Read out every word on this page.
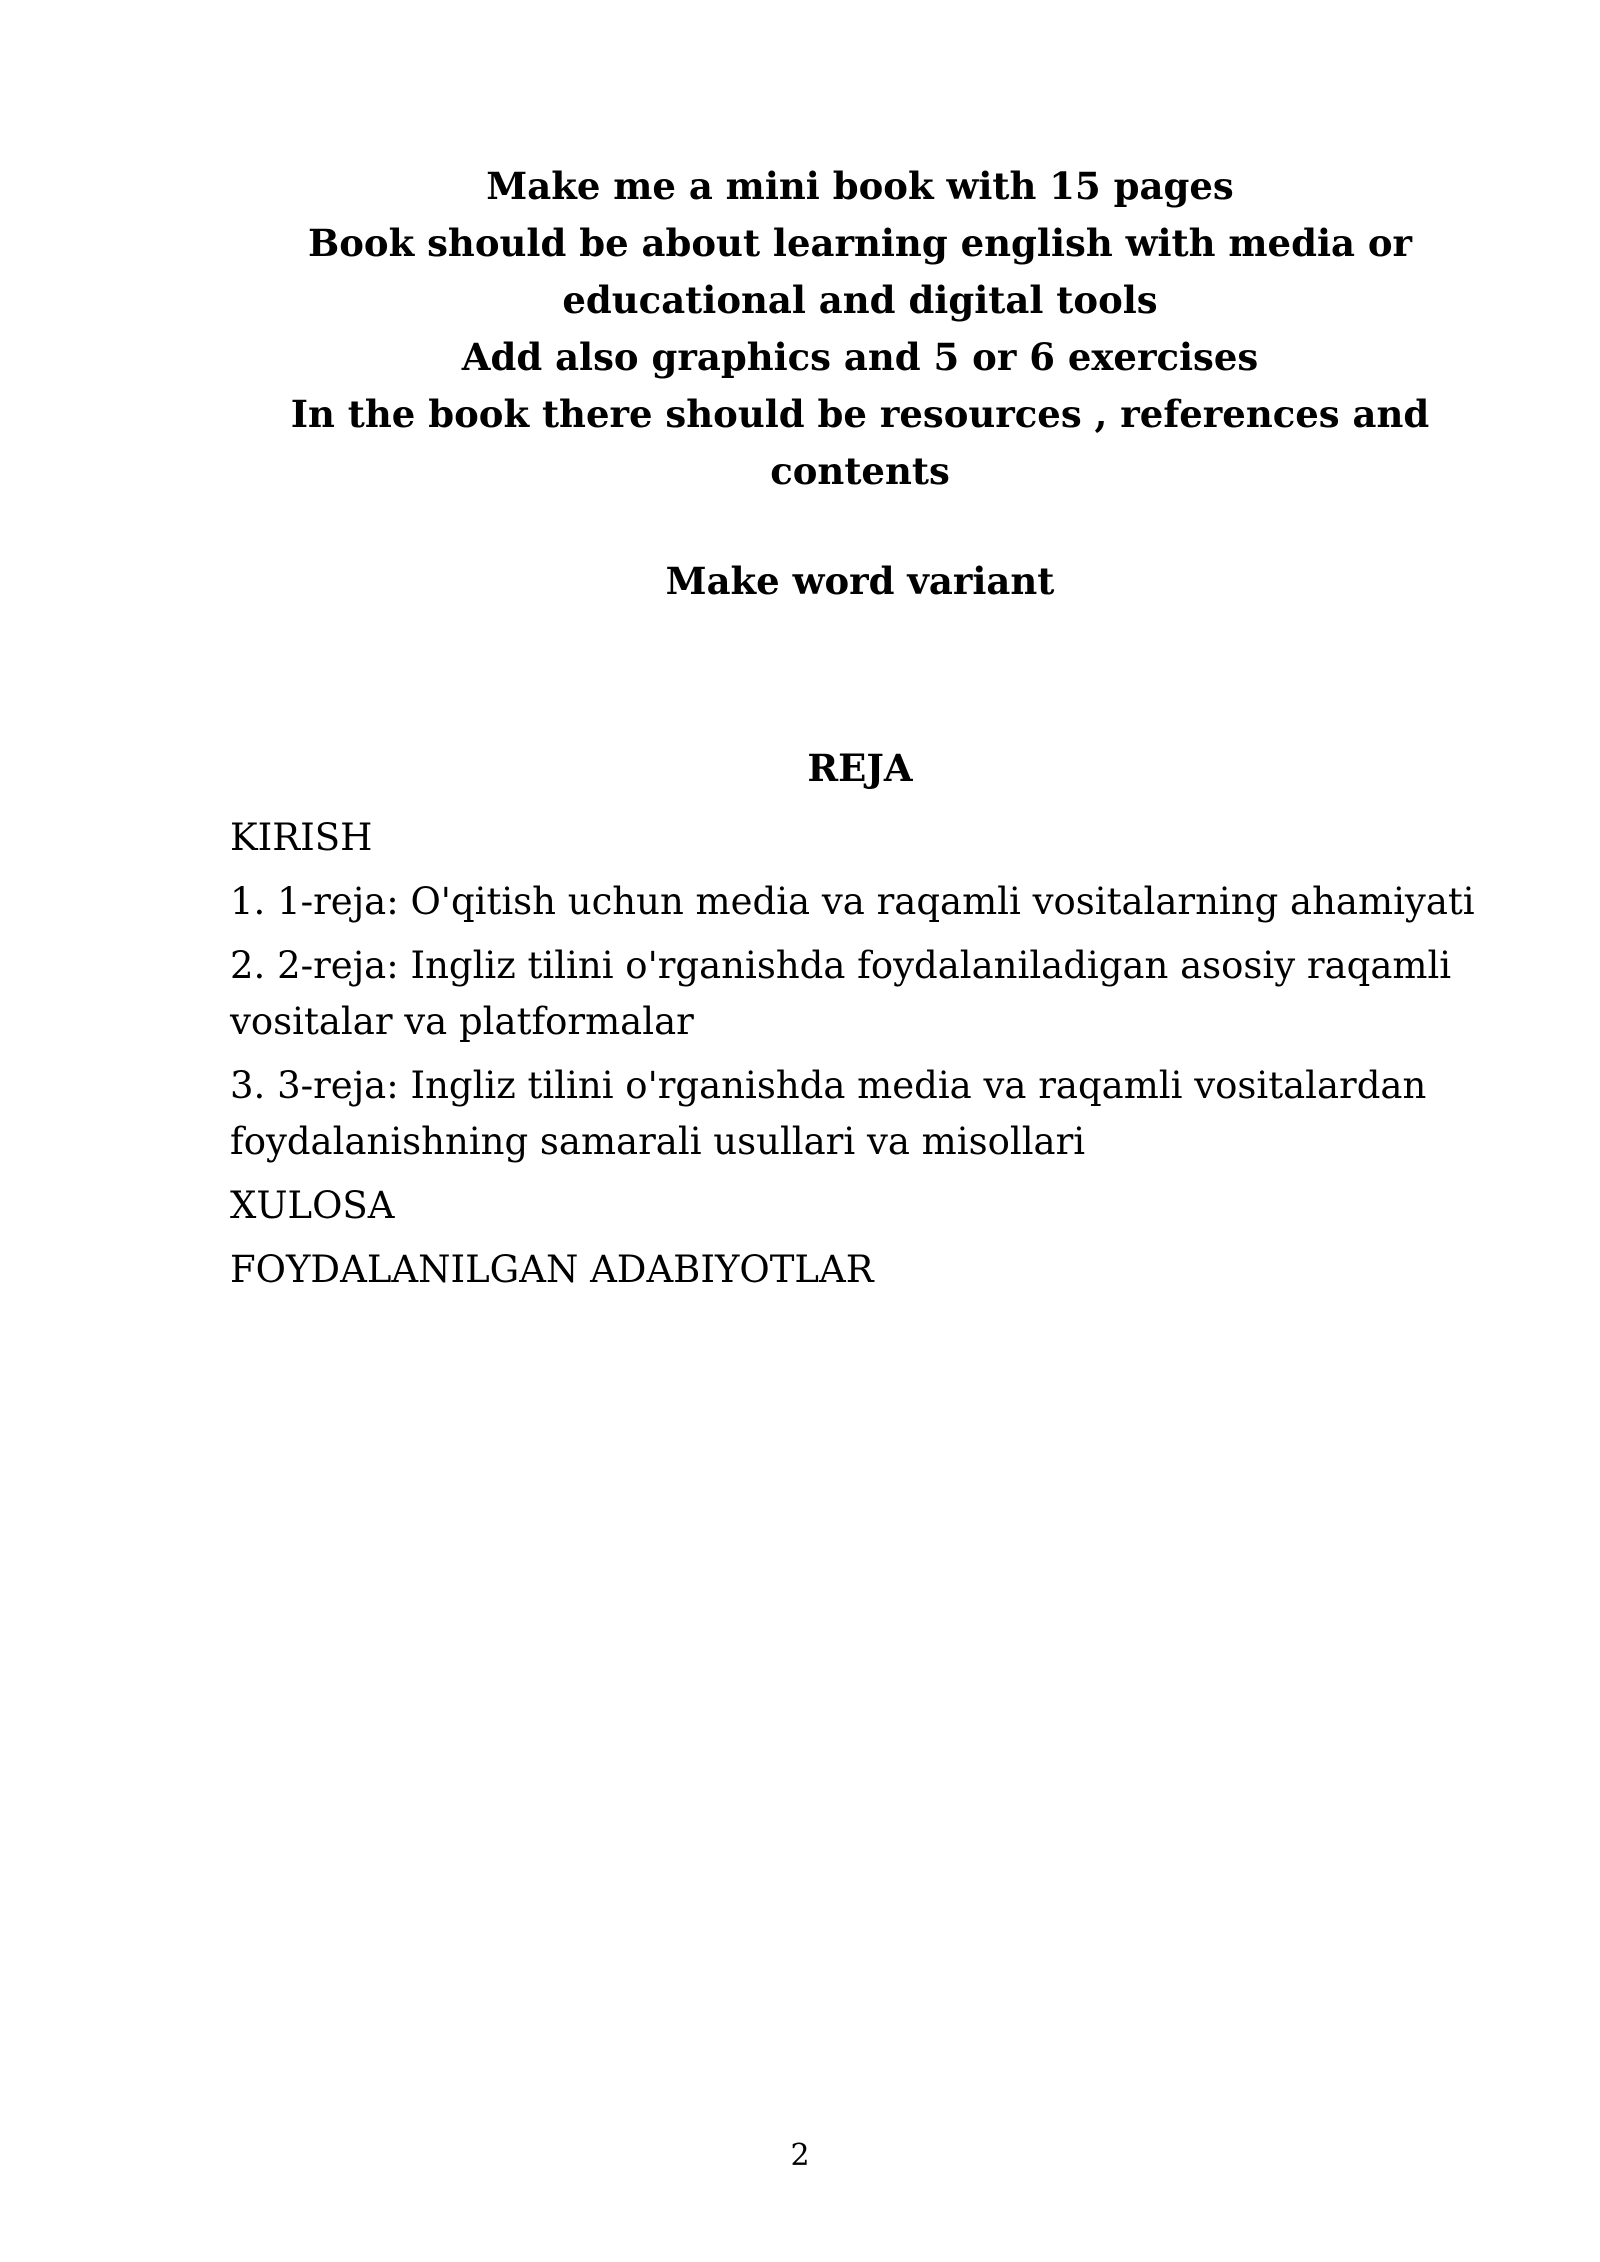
Make me a mini book with 15 pages
Book should be about learning english with media or
educational and digital tools
Add also graphics and 5 or 6 exercises
In the book there should be resources , references and
contents
Make word variant
REJA
KIRISH
1. 1-reja: O'qitish uchun media va raqamli vositalarning ahamiyati
2. 2-reja: Ingliz tilini o'rganishda foydalaniladigan asosiy raqamli vositalar va platformalar
3. 3-reja: Ingliz tilini o'rganishda media va raqamli vositalardan foydalanishning samarali usullari va misollari
XULOSA
FOYDALANILGAN ADABIYOTLAR
2
